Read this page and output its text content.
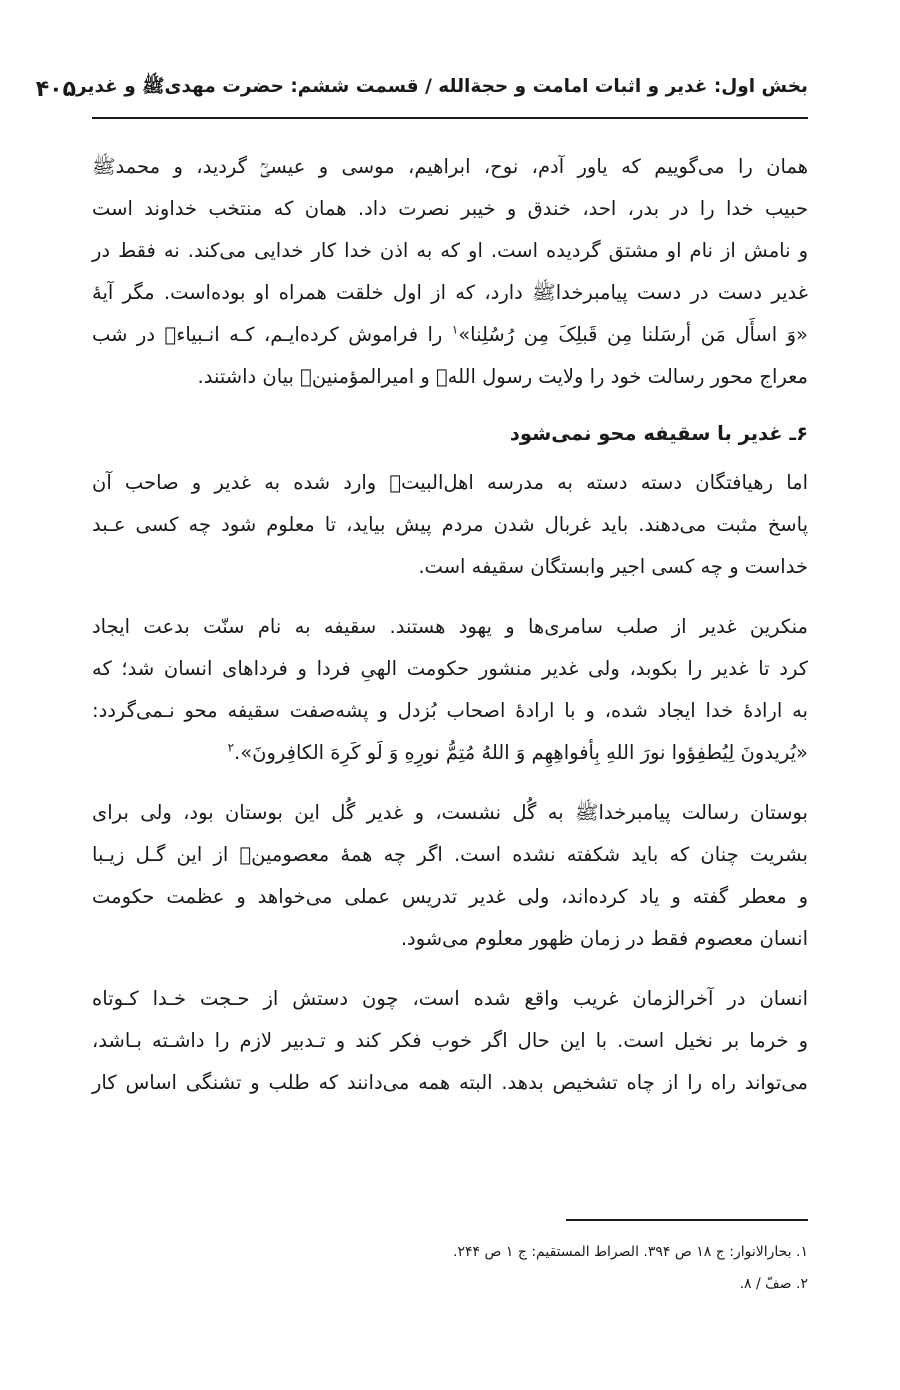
بخش اول: غدیر و اثبات امامت و حجةالله / قسمت ششم: حضرت مهدیﷺ و غدیر
۴۰۵

همان را می‌گوییم که یاور آدم، نوح، ابراهیم، موسی و عیسیؒ گردید، و محمدﷺ
حبیب خدا را در بدر، احد، خندق و خیبر نصرت داد. همان که منتخب خداوند است
و نامش از نام او مشتق گردیده است. او که به اذن خدا کار خدایی می‌کند. نه فقط در
غدیر دست در دست پیامبرخداﷺ دارد، که از اول خلقت همراه او بوده‌است. مگر آیهٔ
«وَ اسأَل مَن أرسَلنا مِن قَبلِکَ مِن رُسُلِنا»$^۱$ را فراموش کرده‌ایـم، کـه انـبیاءؒ در شب
معراج محور رسالت خود را ولایت رسول اللهﷺ و امیرالمؤمنینؐ بیان داشتند.

۶ـ غدیر با سقیفه محو نمی‌شود

اما رهیافتگان دسته دسته به مدرسه اهل‌البیتؒ وارد شده به غدیر و صاحب آن
پاسخ مثبت می‌دهند. باید غربال شدن مردم پیش بیاید، تا معلوم شود چه کسی عـبد
خداست و چه کسی اجیر وابستگان سقیفه است.

منکرین غدیر از صلب سامری‌ها و یهود هستند. سقیفه به نام سنّت بدعت ایجاد
کرد تا غدیر را بکوبد، ولی غدیر منشور حکومت الهیِ فردا و فرداهای انسان شد؛ که
به ارادهٔ خدا ایجاد شده، و با ارادهٔ اصحاب بُزدل و پشه‌صفت سقیفه محو نـمی‌گردد:
«یُریدونَ لِیُطفِؤوا نورَ اللهِ بِأفواهِهِم وَ اللهُ مُتِمُّ نورِهِ وَ لَو کَرِهَ الکافِرونَ».$^۲$

بوستان رسالت پیامبرخداﷺ به گُل نشست، و غدیر گُل این بوستان بود، ولی برای
بشریت چنان که باید شکفته نشده است. اگر چه همهٔ معصومینؒ از این گـل زیـبا
و معطر گفته و یاد کرده‌اند، ولی غدیر تدریس عملی می‌خواهد و عظمت حکومت
انسان معصوم فقط در زمان ظهور معلوم می‌شود.

انسان در آخرالزمان غریب واقع شده است، چون دستش از حـجت خـدا کـوتاه
و خرما بر نخیل است. با این حال اگر خوب فکر کند و تـدبیر لازم را داشـته بـاشد،
می‌تواند راه را از چاه تشخیص بدهد. البته همه می‌دانند که طلب و تشنگی اساس کار

۱. بحارالانوار: ج ۱۸ ص ۳۹۴. الصراط المستقیم: ج ۱ ص ۲۴۴.
۲. صفّ / ۸.
